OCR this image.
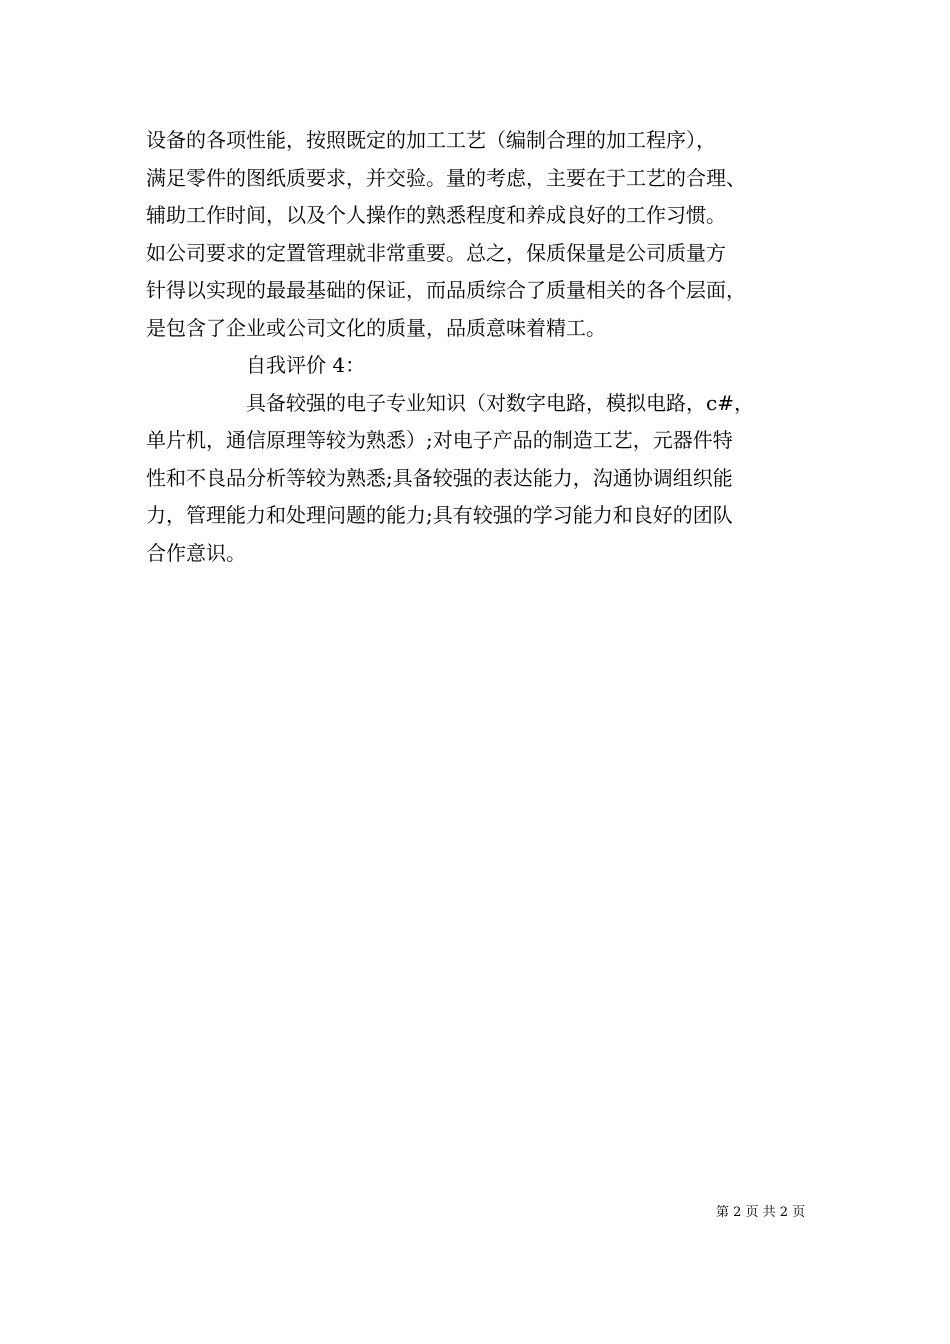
设备的各项性能，按照既定的加工工艺（编制合理的加工程序），
满足零件的图纸质要求，并交验。量的考虑，主要在于工艺的合理、
辅助工作时间，以及个人操作的熟悉程度和养成良好的工作习惯。
如公司要求的定置管理就非常重要。总之，保质保量是公司质量方
针得以实现的最最基础的保证，而品质综合了质量相关的各个层面，
是包含了企业或公司文化的质量，品质意味着精工。
自我评价 4：
具备较强的电子专业知识（对数字电路，模拟电路，c#，
单片机，通信原理等较为熟悉）;对电子产品的制造工艺，元器件特
性和不良品分析等较为熟悉;具备较强的表达能力，沟通协调组织能
力，管理能力和处理问题的能力;具有较强的学习能力和良好的团队
合作意识。
第 2 页 共 2 页
